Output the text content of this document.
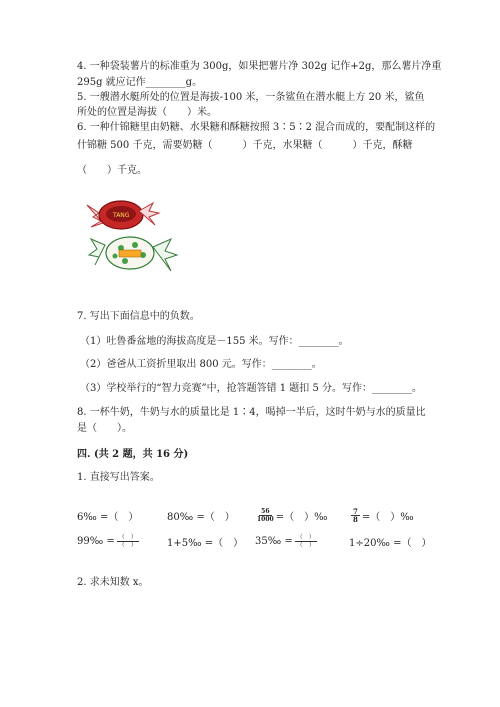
4. 一种袋装薯片的标准重为 300g，如果把薯片净 302g 记作+2g，那么薯片净重
295g 就应记作________g。
5. 一艘潜水艇所处的位置是海拔-100 米，一条鲨鱼在潜水艇上方 20 米，鲨鱼
所处的位置是海拔（　　）米。
6. 一种什锦糖里由奶糖、水果糖和酥糖按照 3∶5∶2 混合而成的，要配制这样的
什锦糖 500 千克，需要奶糖（　　　）千克，水果糖（　　　）千克，酥糖
（　　）千克。
TANG
7. 写出下面信息中的负数。
（1）吐鲁番盆地的海拔高度是－155 米。写作：________。
（2）爸爸从工资折里取出 800 元。写作：________。
（3）学校举行的“智力竞赛”中，抢答题答错 1 题扣 5 分。写作：________。
8. 一杯牛奶，牛奶与水的质量比是 1∶4，喝掉一半后，这时牛奶与水的质量比
是（　　）。
四. (共 2 题，共 16 分)
1. 直接写出答案。
6‰ =（　）	80‰ =（　）	$\frac{56}{1000}$ =（　）‰	$\frac{7}{8}$ =（　）‰
99‰ = $\frac{( )}{( )}$	1+5‰ =（　） 35‰ = $\frac{( )}{( )}$	1÷20‰ =（　）
2. 求未知数 x。
